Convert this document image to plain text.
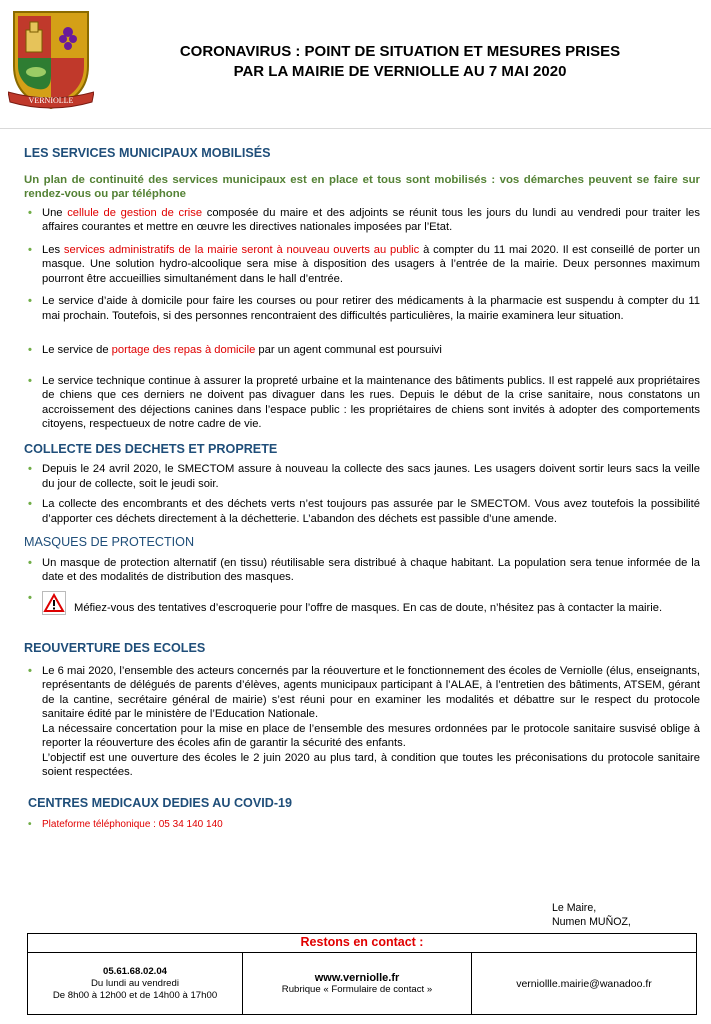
VERNIOLLE
CORONAVIRUS : POINT DE SITUATION ET MESURES PRISES
PAR LA MAIRIE DE VERNIOLLE AU 7 MAI 2020
LES SERVICES MUNICIPAUX MOBILISÉS
Un plan de continuité des services municipaux est en place et tous sont mobilisés : vos démarches peuvent se faire sur rendez-vous ou par téléphone
• Une cellule de gestion de crise composée du maire et des adjoints se réunit tous les jours du lundi au vendredi pour traiter les affaires courantes et mettre en œuvre les directives nationales imposées par l’Etat.
• Les services administratifs de la mairie seront à nouveau ouverts au public à compter du 11 mai 2020. Il est conseillé de porter un masque. Une solution hydro-alcoolique sera mise à disposition des usagers à l’entrée de la mairie. Deux personnes maximum pourront être accueillies simultanément dans le hall d’entrée.
• Le service d’aide à domicile pour faire les courses ou pour retirer des médicaments à la pharmacie est suspendu à compter du 11 mai prochain. Toutefois, si des personnes rencontraient des difficultés particulières, la mairie examinera leur situation.
• Le service de portage des repas à domicile par un agent communal est poursuivi
• Le service technique continue à assurer la propreté urbaine et la maintenance des bâtiments publics. Il est rappelé aux propriétaires de chiens que ces derniers ne doivent pas divaguer dans les rues. Depuis le début de la crise sanitaire, nous constatons un accroissement des déjections canines dans l’espace public : les propriétaires de chiens sont invités à adopter des comportements citoyens, respectueux de notre cadre de vie.
COLLECTE DES DECHETS ET PROPRETE
• Depuis le 24 avril 2020, le SMECTOM assure à nouveau la collecte des sacs jaunes. Les usagers doivent sortir leurs sacs la veille du jour de collecte, soit le jeudi soir.
• La collecte des encombrants et des déchets verts n’est toujours pas assurée par le SMECTOM. Vous avez toutefois la possibilité d’apporter ces déchets directement à la déchetterie. L’abandon des déchets est passible d’une amende.
MASQUES DE PROTECTION
• Un masque de protection alternatif (en tissu) réutilisable sera distribué à chaque habitant. La population sera tenue informée de la date et des modalités de distribution des masques.
•
Méfiez-vous des tentatives d’escroquerie pour l’offre de masques. En cas de doute, n’hésitez pas à contacter la mairie.
REOUVERTURE DES ECOLES
• Le 6 mai 2020, l’ensemble des acteurs concernés par la réouverture et le fonctionnement des écoles de Verniolle (élus, enseignants, représentants de délégués de parents d’élèves, agents municipaux participant à l’ALAE, à l’entretien des bâtiments, ATSEM, gérant de la cantine, secrétaire général de mairie) s’est réuni pour en examiner les modalités et débattre sur le respect du protocole sanitaire édité par le ministère de l’Education Nationale.
La nécessaire concertation pour la mise en place de l’ensemble des mesures ordonnées par le protocole sanitaire susvisé oblige à reporter la réouverture des écoles afin de garantir la sécurité des enfants.
L’objectif est une ouverture des écoles le 2 juin 2020 au plus tard, à condition que toutes les préconisations du protocole sanitaire soient respectées.
CENTRES MEDICAUX DEDIES AU COVID-19
• Plateforme téléphonique : 05 34 140 140
Le Maire,
Numen MUÑOZ,
Restons en contact :
05.61.68.02.04
Du lundi au vendredi
De 8h00 à 12h00 et de 14h00 à 17h00
www.verniolle.fr
Rubrique « Formulaire de contact »	verniollle.mairie@wanadoo.fr
